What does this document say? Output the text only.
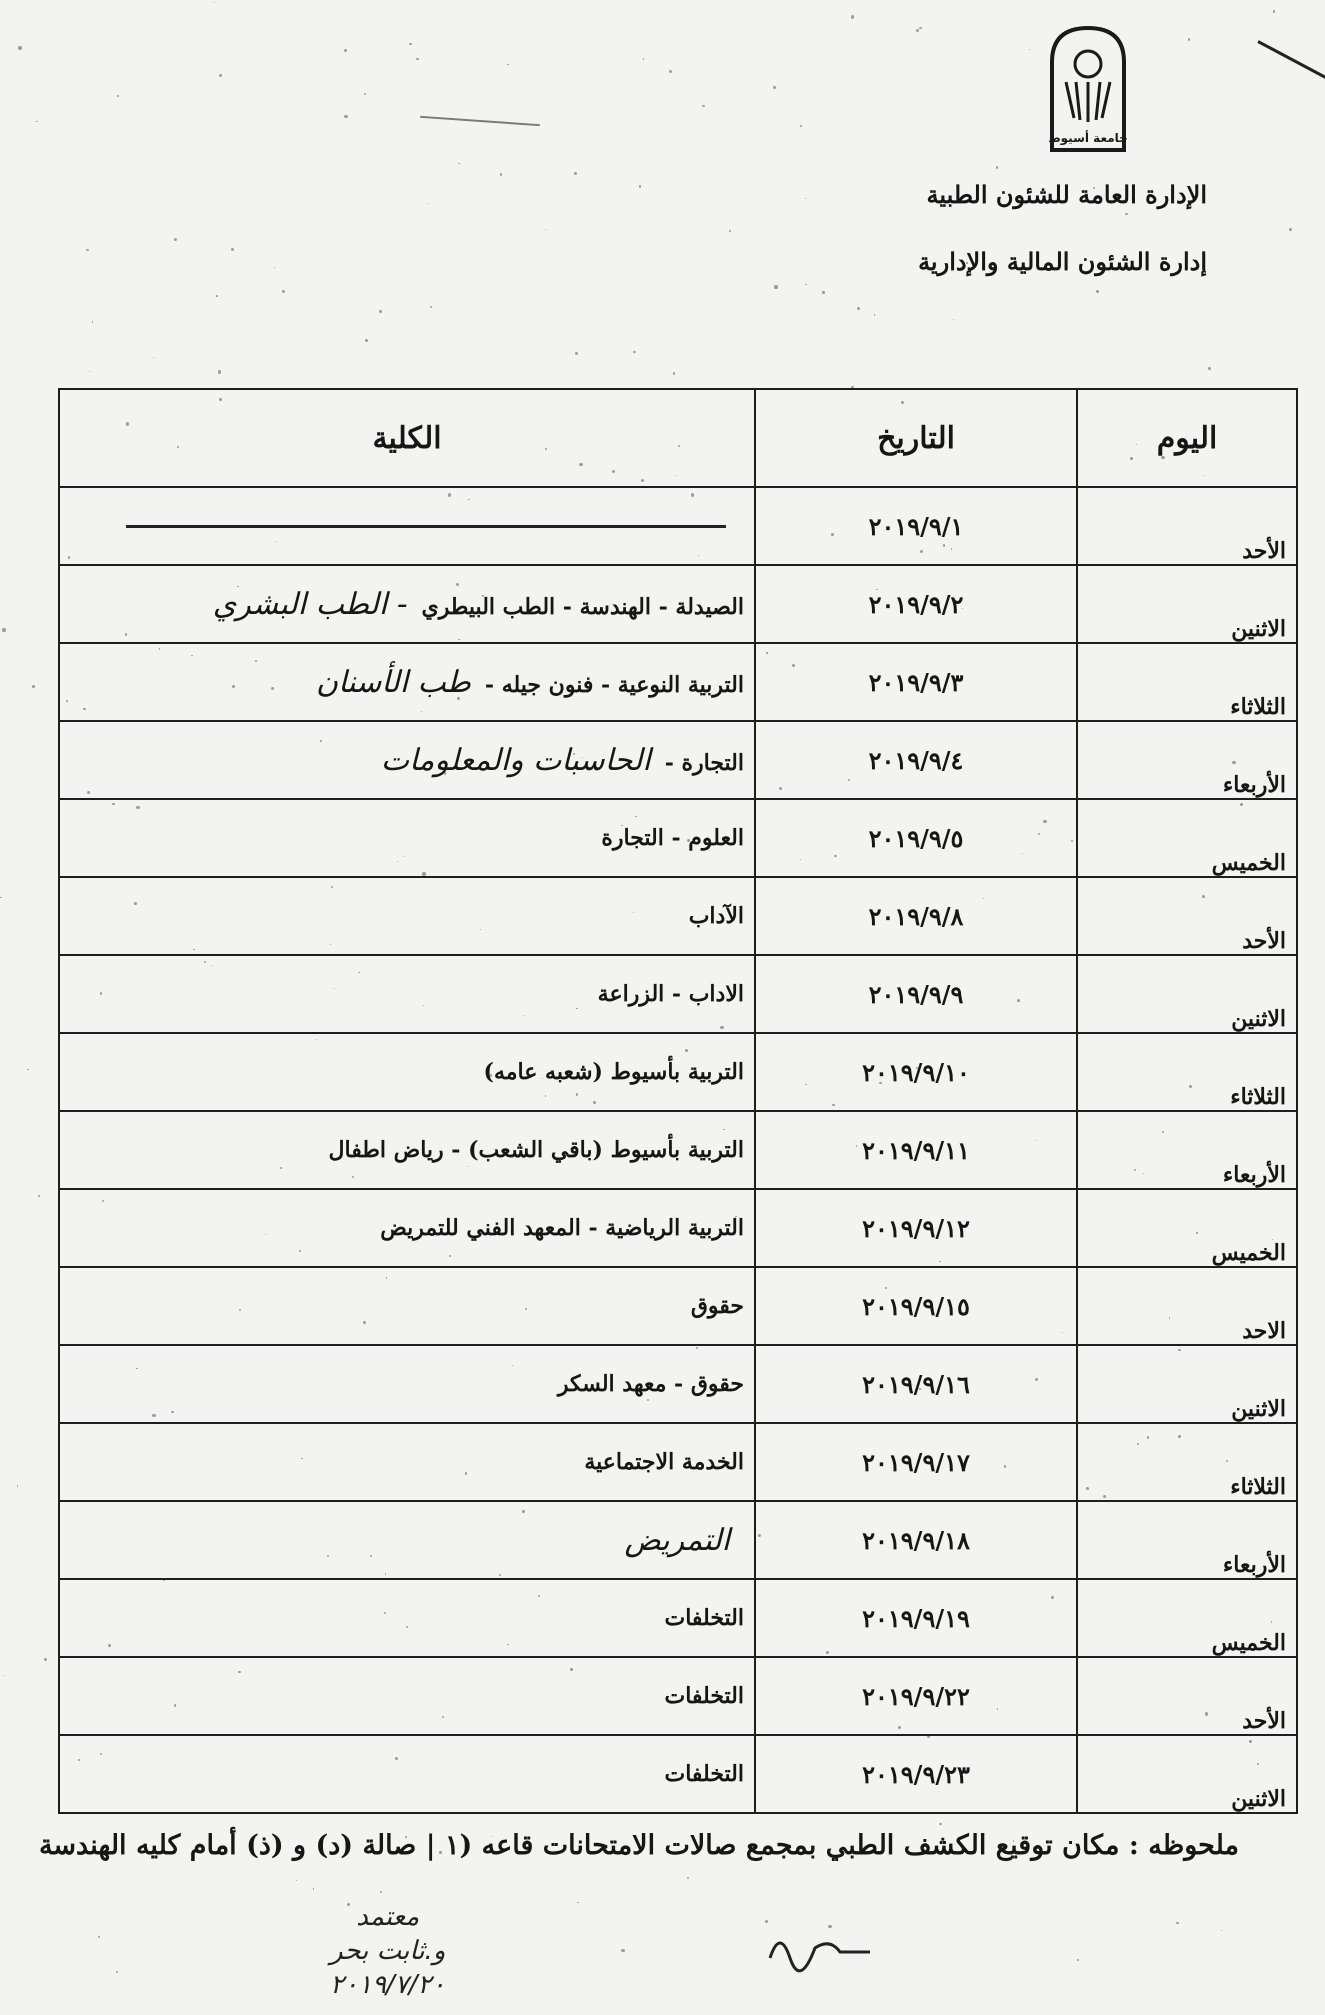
جامعة أسيوط
الإدارة العامة للشئون الطبية
إدارة الشئون المالية والإدارية
اليوم	التاريخ	الكلية
الأحد	٢٠١٩/٩/١	

الاثنين	٢٠١٩/٩/٢	الصيدلة - الهندسة - الطب البيطري- الطب البشري
الثلاثاء	٢٠١٩/٩/٣	التربية النوعية - فنون جيله -طب الأسنان
الأربعاء	٢٠١٩/٩/٤	التجارة -الحاسبات والمعلومات
الخميس	٢٠١٩/٩/٥	العلوم - التجارة
الأحد	٢٠١٩/٩/٨	الآداب
الاثنين	٢٠١٩/٩/٩	الاداب - الزراعة
الثلاثاء	٢٠١٩/٩/١٠	التربية بأسيوط (شعبه عامه)
الأربعاء	٢٠١٩/٩/١١	التربية بأسيوط (باقي الشعب) - رياض اطفال
الخميس	٢٠١٩/٩/١٢	التربية الرياضية - المعهد الفني للتمريض
الاحد	٢٠١٩/٩/١٥	حقوق
الاثنين	٢٠١٩/٩/١٦	حقوق - معهد السكر
الثلاثاء	٢٠١٩/٩/١٧	الخدمة الاجتماعية
الأربعاء	٢٠١٩/٩/١٨	التمريض
الخميس	٢٠١٩/٩/١٩	التخلفات
الأحد	٢٠١٩/٩/٢٢	التخلفات
الاثنين	٢٠١٩/٩/٢٣	التخلفات
ملحوظه : مكان توقيع الكشف الطبي بمجمع صالات الامتحانات قاعه (١ | صالة (د) و (ذ) أمام كليه الهندسة
معتمد
و.ثابت بحر
٢٠١٩/٧/٢٠
